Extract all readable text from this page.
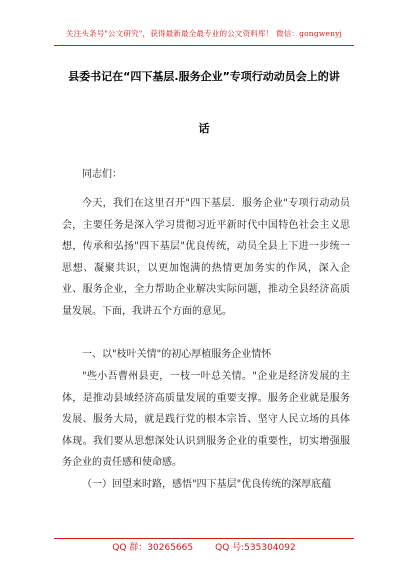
关注头条号"公文研究"，获得最新最全最专业的公文资料库！ 微信：gongwenyj
县委书记在“四下基层.服务企业”专项行动动员会上的讲
话
同志们：
今天，我们在这里召开"四下基层．服务企业"专项行动动员会，主要任务是深入学习贯彻习近平新时代中国特色社会主义思想，传承和弘扬"四下基层"优良传统，动员全县上下进一步统一思想、凝聚共识，以更加饱满的热情更加务实的作风，深入企业、服务企业，全力帮助企业解决实际问题，推动全县经济高质量发展。下面，我讲五个方面的意见。
一、以"枝叶关情"的初心厚植服务企业情怀
"些小吾曹州县吏，一枝一叶总关情。"企业是经济发展的主体，是推动县域经济高质量发展的重要支撑。服务企业就是服务发展、服务大局，就是践行党的根本宗旨、坚守人民立场的具体体现。我们要从思想深处认识到服务企业的重要性，切实增强服务企业的责任感和使命感。
（一）回望来时路，感悟"四下基层"优良传统的深厚底蕴
QQ 群：30265665 QQ 号:535304092
